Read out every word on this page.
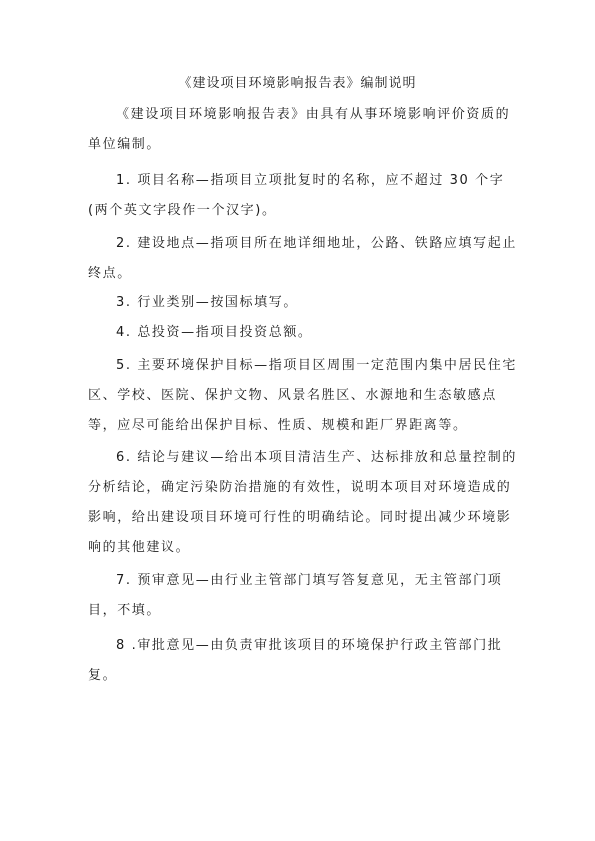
《建设项目环境影响报告表》编制说明
《建设项目环境影响报告表》由具有从事环境影响评价资质的单位编制。
1. 项目名称—指项目立项批复时的名称，应不超过 30 个字(两个英文字段作一个汉字)。
2. 建设地点—指项目所在地详细地址，公路、铁路应填写起止终点。
3. 行业类别—按国标填写。
4. 总投资—指项目投资总额。
5. 主要环境保护目标—指项目区周围一定范围内集中居民住宅区、学校、医院、保护文物、风景名胜区、水源地和生态敏感点等，应尽可能给出保护目标、性质、规模和距厂界距离等。
6. 结论与建议—给出本项目清洁生产、达标排放和总量控制的分析结论，确定污染防治措施的有效性，说明本项目对环境造成的影响，给出建设项目环境可行性的明确结论。同时提出减少环境影响的其他建议。
7. 预审意见—由行业主管部门填写答复意见，无主管部门项目，不填。
8 .审批意见—由负责审批该项目的环境保护行政主管部门批复。
